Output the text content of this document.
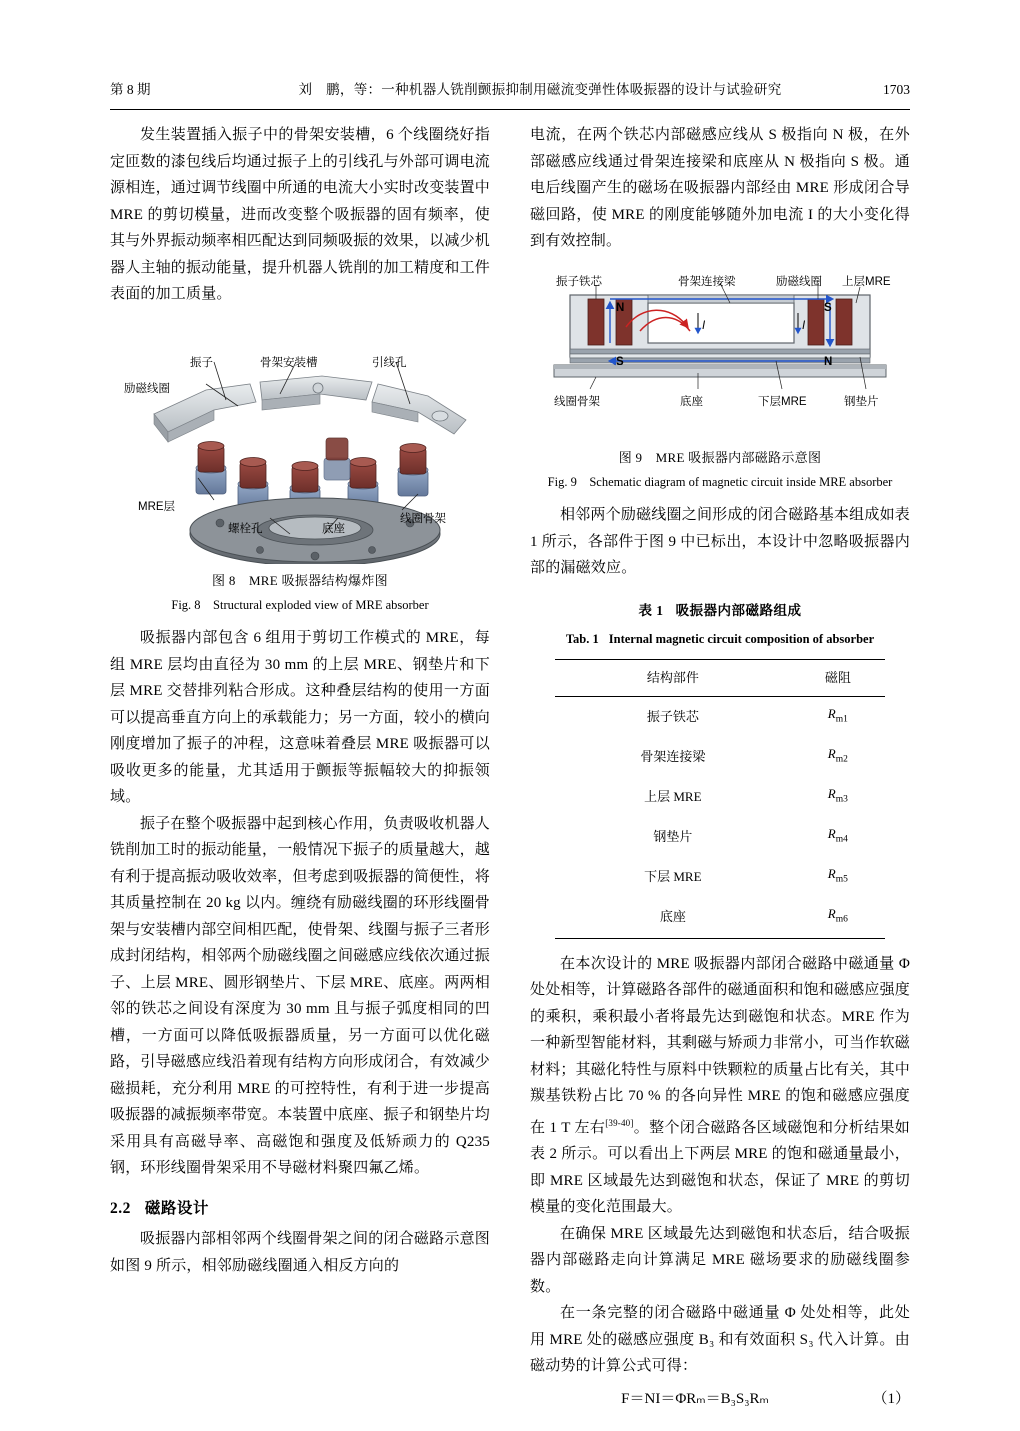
第 8 期	刘　鹏，等：一种机器人铣削颤振抑制用磁流变弹性体吸振器的设计与试验研究	1703

发生装置插入振子中的骨架安装槽，6 个线圈绕好指定匝数的漆包线后均通过振子上的引线孔与外部可调电流源相连，通过调节线圈中所通的电流大小实时改变装置中 MRE 的剪切模量，进而改变整个吸振器的固有频率，使其与外界振动频率相匹配达到同频吸振的效果，以减少机器人主轴的振动能量，提升机器人铣削的加工精度和工件表面的加工质量。

振子	骨架安装槽	引线孔
励磁线圈
MRE层
螺栓孔	底座
线圈骨架
图 8　MRE 吸振器结构爆炸图
Fig. 8　Structural exploded view of MRE absorber

吸振器内部包含 6 组用于剪切工作模式的 MRE，每组 MRE 层均由直径为 30 mm 的上层 MRE、钢垫片和下层 MRE 交替排列粘合形成。这种叠层结构的使用一方面可以提高垂直方向上的承载能力；另一方面，较小的横向刚度增加了振子的冲程，这意味着叠层 MRE 吸振器可以吸收更多的能量，尤其适用于颤振等振幅较大的抑振领域。

振子在整个吸振器中起到核心作用，负责吸收机器人铣削加工时的振动能量，一般情况下振子的质量越大，越有利于提高振动吸收效率，但考虑到吸振器的简便性，将其质量控制在 20 kg 以内。缠绕有励磁线圈的环形线圈骨架与安装槽内部空间相匹配，使骨架、线圈与振子三者形成封闭结构，相邻两个励磁线圈之间磁感应线依次通过振子、上层 MRE、圆形钢垫片、下层 MRE、底座。两两相邻的铁芯之间设有深度为 30 mm 且与振子弧度相同的凹槽，一方面可以降低吸振器质量，另一方面可以优化磁路，引导磁感应线沿着现有结构方向形成闭合，有效减少磁损耗，充分利用 MRE 的可控特性，有利于进一步提高吸振器的减振频率带宽。本装置中底座、振子和钢垫片均采用具有高磁导率、高磁饱和强度及低矫顽力的 Q235 钢，环形线圈骨架采用不导磁材料聚四氟乙烯。

2.2 磁路设计

吸振器内部相邻两个线圈骨架之间的闭合磁路示意图如图 9 所示，相邻励磁线圈通入相反方向的

电流，在两个铁芯内部磁感应线从 S 极指向 N 极，在外部磁感应线通过骨架连接梁和底座从 N 极指向 S 极。通电后线圈产生的磁场在吸振器内部经由 MRE 形成闭合导磁回路，使 MRE 的刚度能够随外加电流 I 的大小变化得到有效控制。

振子铁芯	骨架连接梁	励磁线圈 上层MRE
N	S
S	N
I	I
线圈骨架	底座	下层MRE	钢垫片
图 9　MRE 吸振器内部磁路示意图
Fig. 9　Schematic diagram of magnetic circuit inside MRE absorber

相邻两个励磁线圈之间形成的闭合磁路基本组成如表 1 所示，各部件于图 9 中已标出，本设计中忽略吸振器内部的漏磁效应。

表 1 吸振器内部磁路组成
Tab. 1 Internal magnetic circuit composition of absorber
结构部件	磁阻
振子铁芯	$R_{m1}$
骨架连接梁	$R_{m2}$
上层 MRE	$R_{m3}$
钢垫片	$R_{m4}$
下层 MRE	$R_{m5}$
底座	$R_{m6}$

在本次设计的 MRE 吸振器内部闭合磁路中磁通量 Φ 处处相等，计算磁路各部件的磁通面积和饱和磁感应强度的乘积，乘积最小者将最先达到磁饱和状态。MRE 作为一种新型智能材料，其剩磁与矫顽力非常小，可当作软磁材料；其磁化特性与原料中铁颗粒的质量占比有关，其中羰基铁粉占比 70 % 的各向异性 MRE 的饱和磁感应强度在 1 T 左右[39-40]。整个闭合磁路各区域磁饱和分析结果如表 2 所示。可以看出上下两层 MRE 的饱和磁通量最小，即 MRE 区域最先达到磁饱和状态，保证了 MRE 的剪切模量的变化范围最大。

在确保 MRE 区域最先达到磁饱和状态后，结合吸振器内部磁路走向计算满足 MRE 磁场要求的励磁线圈参数。

在一条完整的闭合磁路中磁通量 Φ 处处相等，此处用 MRE 处的磁感应强度 B₃ 和有效面积 S₃ 代入计算。由磁动势的计算公式可得：

F＝NI＝ΦRₘ＝B₃S₃Rₘ	（1）
